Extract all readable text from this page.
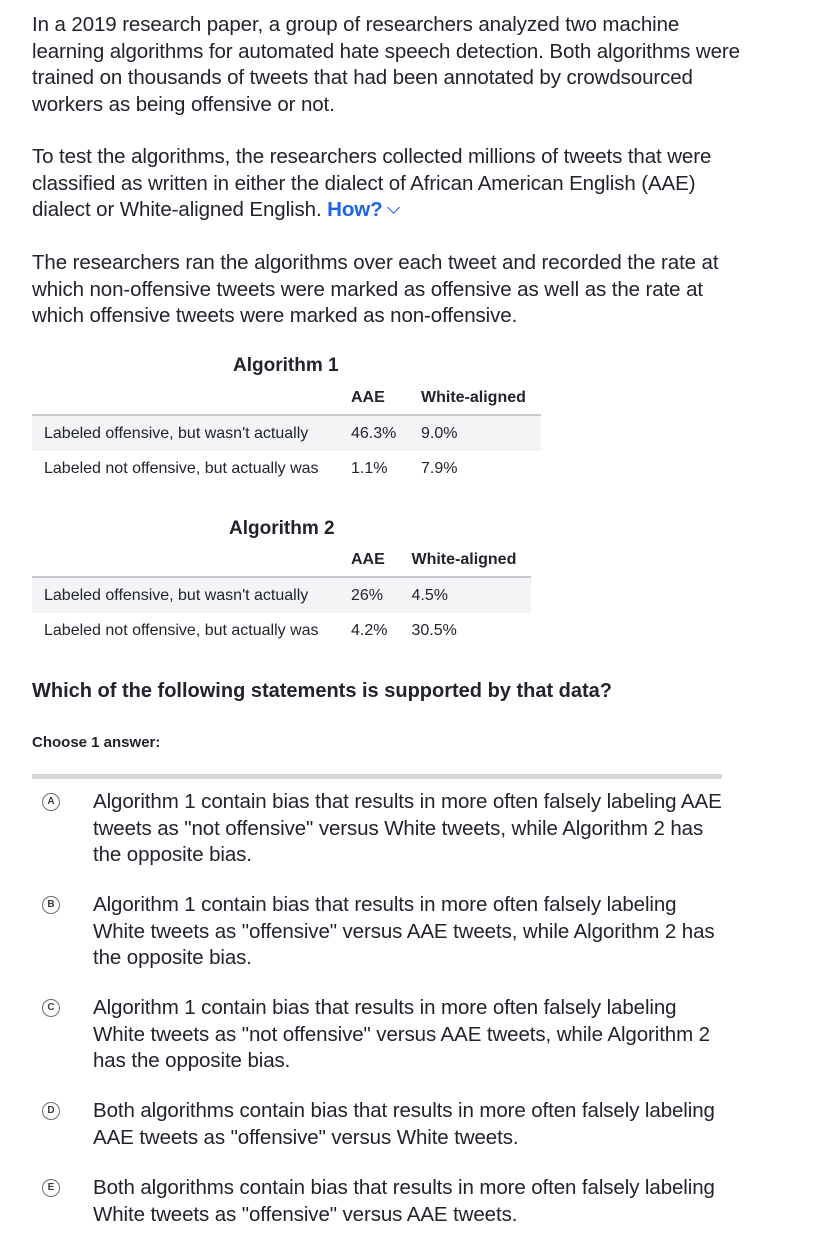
In a 2019 research paper, a group of researchers analyzed two machine learning algorithms for automated hate speech detection. Both algorithms were trained on thousands of tweets that had been annotated by crowdsourced workers as being offensive or not.

To test the algorithms, the researchers collected millions of tweets that were classified as written in either the dialect of African American English (AAE) dialect or White-aligned English. How?

The researchers ran the algorithms over each tweet and recorded the rate at which non-offensive tweets were marked as offensive as well as the rate at which offensive tweets were marked as non-offensive.

Algorithm 1
	AAE	White-aligned
Labeled offensive, but wasn't actually	46.3%	9.0%
Labeled not offensive, but actually was	1.1%	7.9%
Algorithm 2
	AAE	White-aligned
Labeled offensive, but wasn't actually	26%	4.5%
Labeled not offensive, but actually was	4.2%	30.5%

Which of the following statements is supported by that data?

Choose 1 answer:
A Algorithm 1 contain bias that results in more often falsely labeling AAE tweets as "not offensive" versus White tweets, while Algorithm 2 has the opposite bias.
B Algorithm 1 contain bias that results in more often falsely labeling White tweets as "offensive" versus AAE tweets, while Algorithm 2 has the opposite bias.
C Algorithm 1 contain bias that results in more often falsely labeling White tweets as "not offensive" versus AAE tweets, while Algorithm 2 has the opposite bias.
D Both algorithms contain bias that results in more often falsely labeling AAE tweets as "offensive" versus White tweets.
E Both algorithms contain bias that results in more often falsely labeling White tweets as "offensive" versus AAE tweets.
